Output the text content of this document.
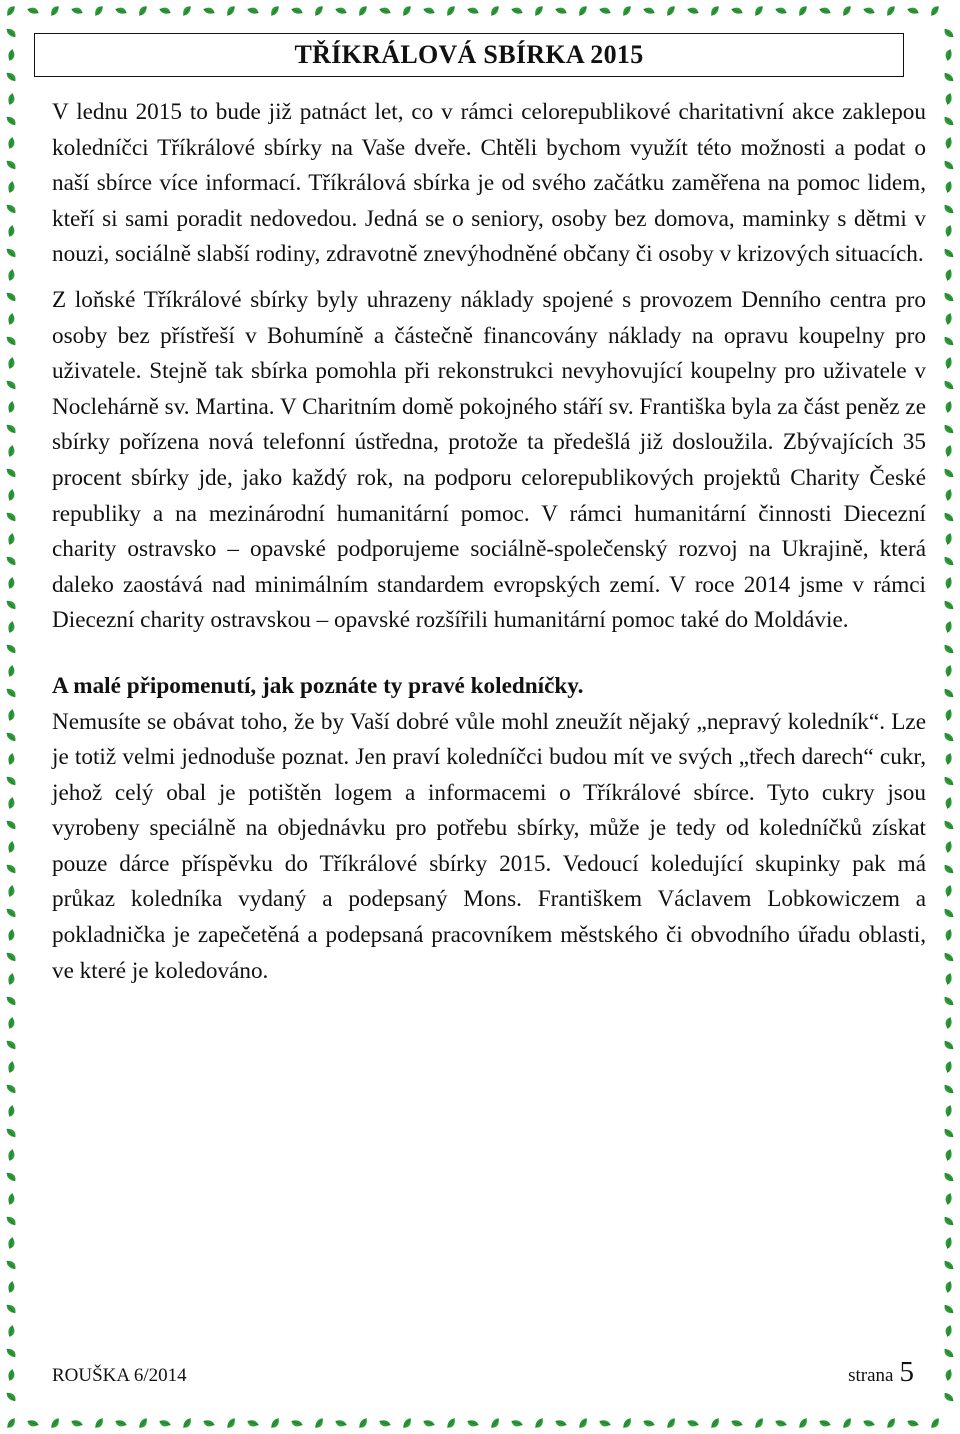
TŘÍKRÁLOVÁ SBÍRKA 2015

V lednu 2015 to bude již patnáct let, co v rámci celorepublikové charitativní akce zaklepou koledníčci Tříkrálové sbírky na Vaše dveře. Chtěli bychom využít této možnosti a podat o naší sbírce více informací. Tříkrálová sbírka je od svého začátku zaměřena na pomoc lidem, kteří si sami poradit nedovedou. Jedná se o seniory, osoby bez domova, maminky s dětmi v nouzi, sociálně slabší rodiny, zdravotně znevýhodněné občany či osoby v krizových situacích.

Z loňské Tříkrálové sbírky byly uhrazeny náklady spojené s provozem Denního centra pro osoby bez přístřeší v Bohumíně a částečně financovány náklady na opravu koupelny pro uživatele. Stejně tak sbírka pomohla při rekonstrukci nevyhovující koupelny pro uživatele v Noclehárně sv. Martina. V Charitním domě pokojného stáří sv. Františka byla za část peněz ze sbírky pořízena nová telefonní ústředna, protože ta předešlá již dosloužila. Zbývajících 35 procent sbírky jde, jako každý rok, na podporu celorepublikových projektů Charity České republiky a na mezinárodní humanitární pomoc. V rámci humanitární činnosti Diecezní charity ostravsko – opavské podporujeme sociálně-společenský rozvoj na Ukrajině, která daleko zaostává nad minimálním standardem evropských zemí. V roce 2014 jsme v rámci Diecezní charity ostravskou – opavské rozšířili humanitární pomoc také do Moldávie.

A malé připomenutí, jak poznáte ty pravé koledníčky.

Nemusíte se obávat toho, že by Vaší dobré vůle mohl zneužít nějaký „nepravý koledník“. Lze je totiž velmi jednoduše poznat. Jen praví koledníčci budou mít ve svých „třech darech“ cukr, jehož celý obal je potištěn logem a informacemi o Tříkrálové sbírce. Tyto cukry jsou vyrobeny speciálně na objednávku pro potřebu sbírky, může je tedy od koledníčků získat pouze dárce příspěvku do Tříkrálové sbírky 2015. Vedoucí koledující skupinky pak má průkaz koledníka vydaný a podepsaný Mons. Františkem Václavem Lobkowiczem a pokladnička je zapečetěná a podepsaná pracovníkem městského či obvodního úřadu oblasti, ve které je koledováno.

ROUŠKA 6/2014	strana 5
